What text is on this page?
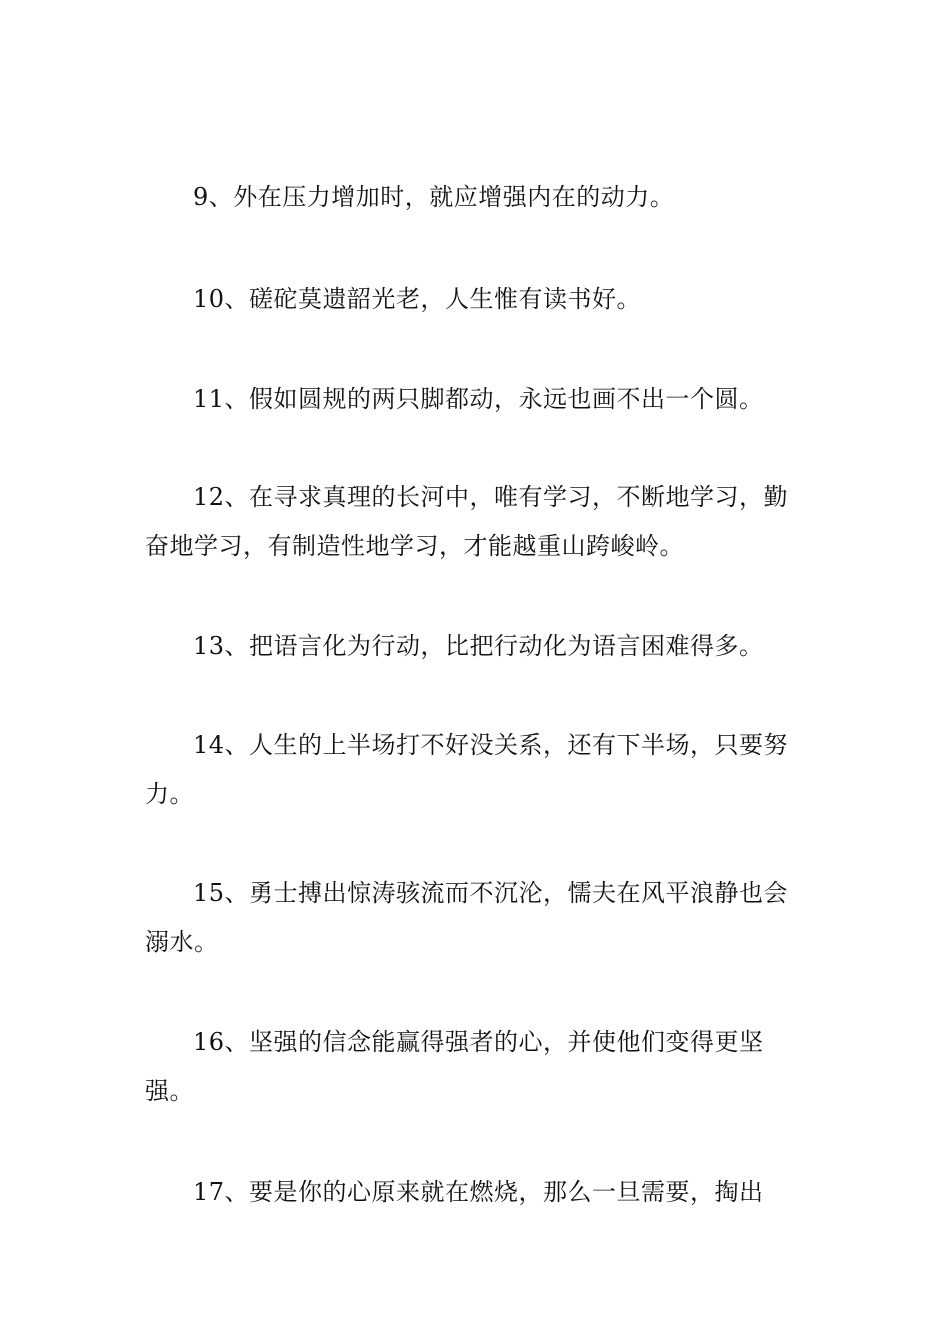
9、外在压力增加时，就应增强内在的动力。

10、磋砣莫遗韶光老，人生惟有读书好。

11、假如圆规的两只脚都动，永远也画不出一个圆。

12、在寻求真理的长河中，唯有学习，不断地学习，勤奋地学习，有制造性地学习，才能越重山跨峻岭。

13、把语言化为行动，比把行动化为语言困难得多。

14、人生的上半场打不好没关系，还有下半场，只要努力。

15、勇士搏出惊涛骇流而不沉沦，懦夫在风平浪静也会溺水。

16、坚强的信念能赢得强者的心，并使他们变得更坚强。

17、要是你的心原来就在燃烧，那么一旦需要，掏出
